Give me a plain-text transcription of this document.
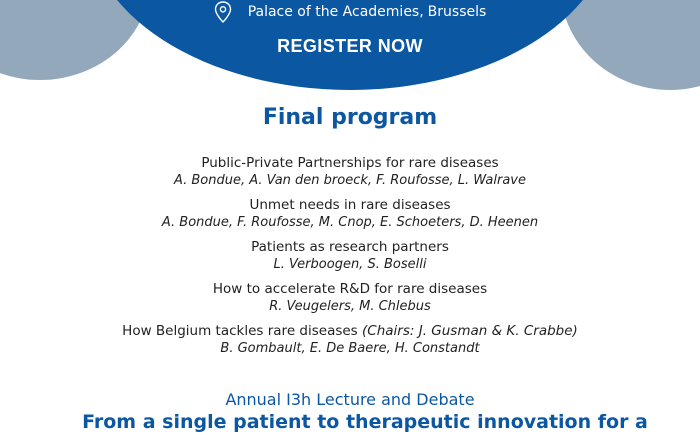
Palace of the Academies, Brussels
REGISTER NOW
Final program
Public-Private Partnerships for rare diseases
A. Bondue, A. Van den broeck, F. Roufosse, L. Walrave
Unmet needs in rare diseases
A. Bondue, F. Roufosse, M. Cnop, E. Schoeters, D. Heenen
Patients as research partners
L. Verboogen, S. Boselli
How to accelerate R&D for rare diseases
R. Veugelers, M. Chlebus
How Belgium tackles rare diseases (Chairs: J. Gusman & K. Crabbe)
B. Gombault, E. De Baere, H. Constandt
Annual I3h Lecture and Debate
From a single patient to therapeutic innovation for a
